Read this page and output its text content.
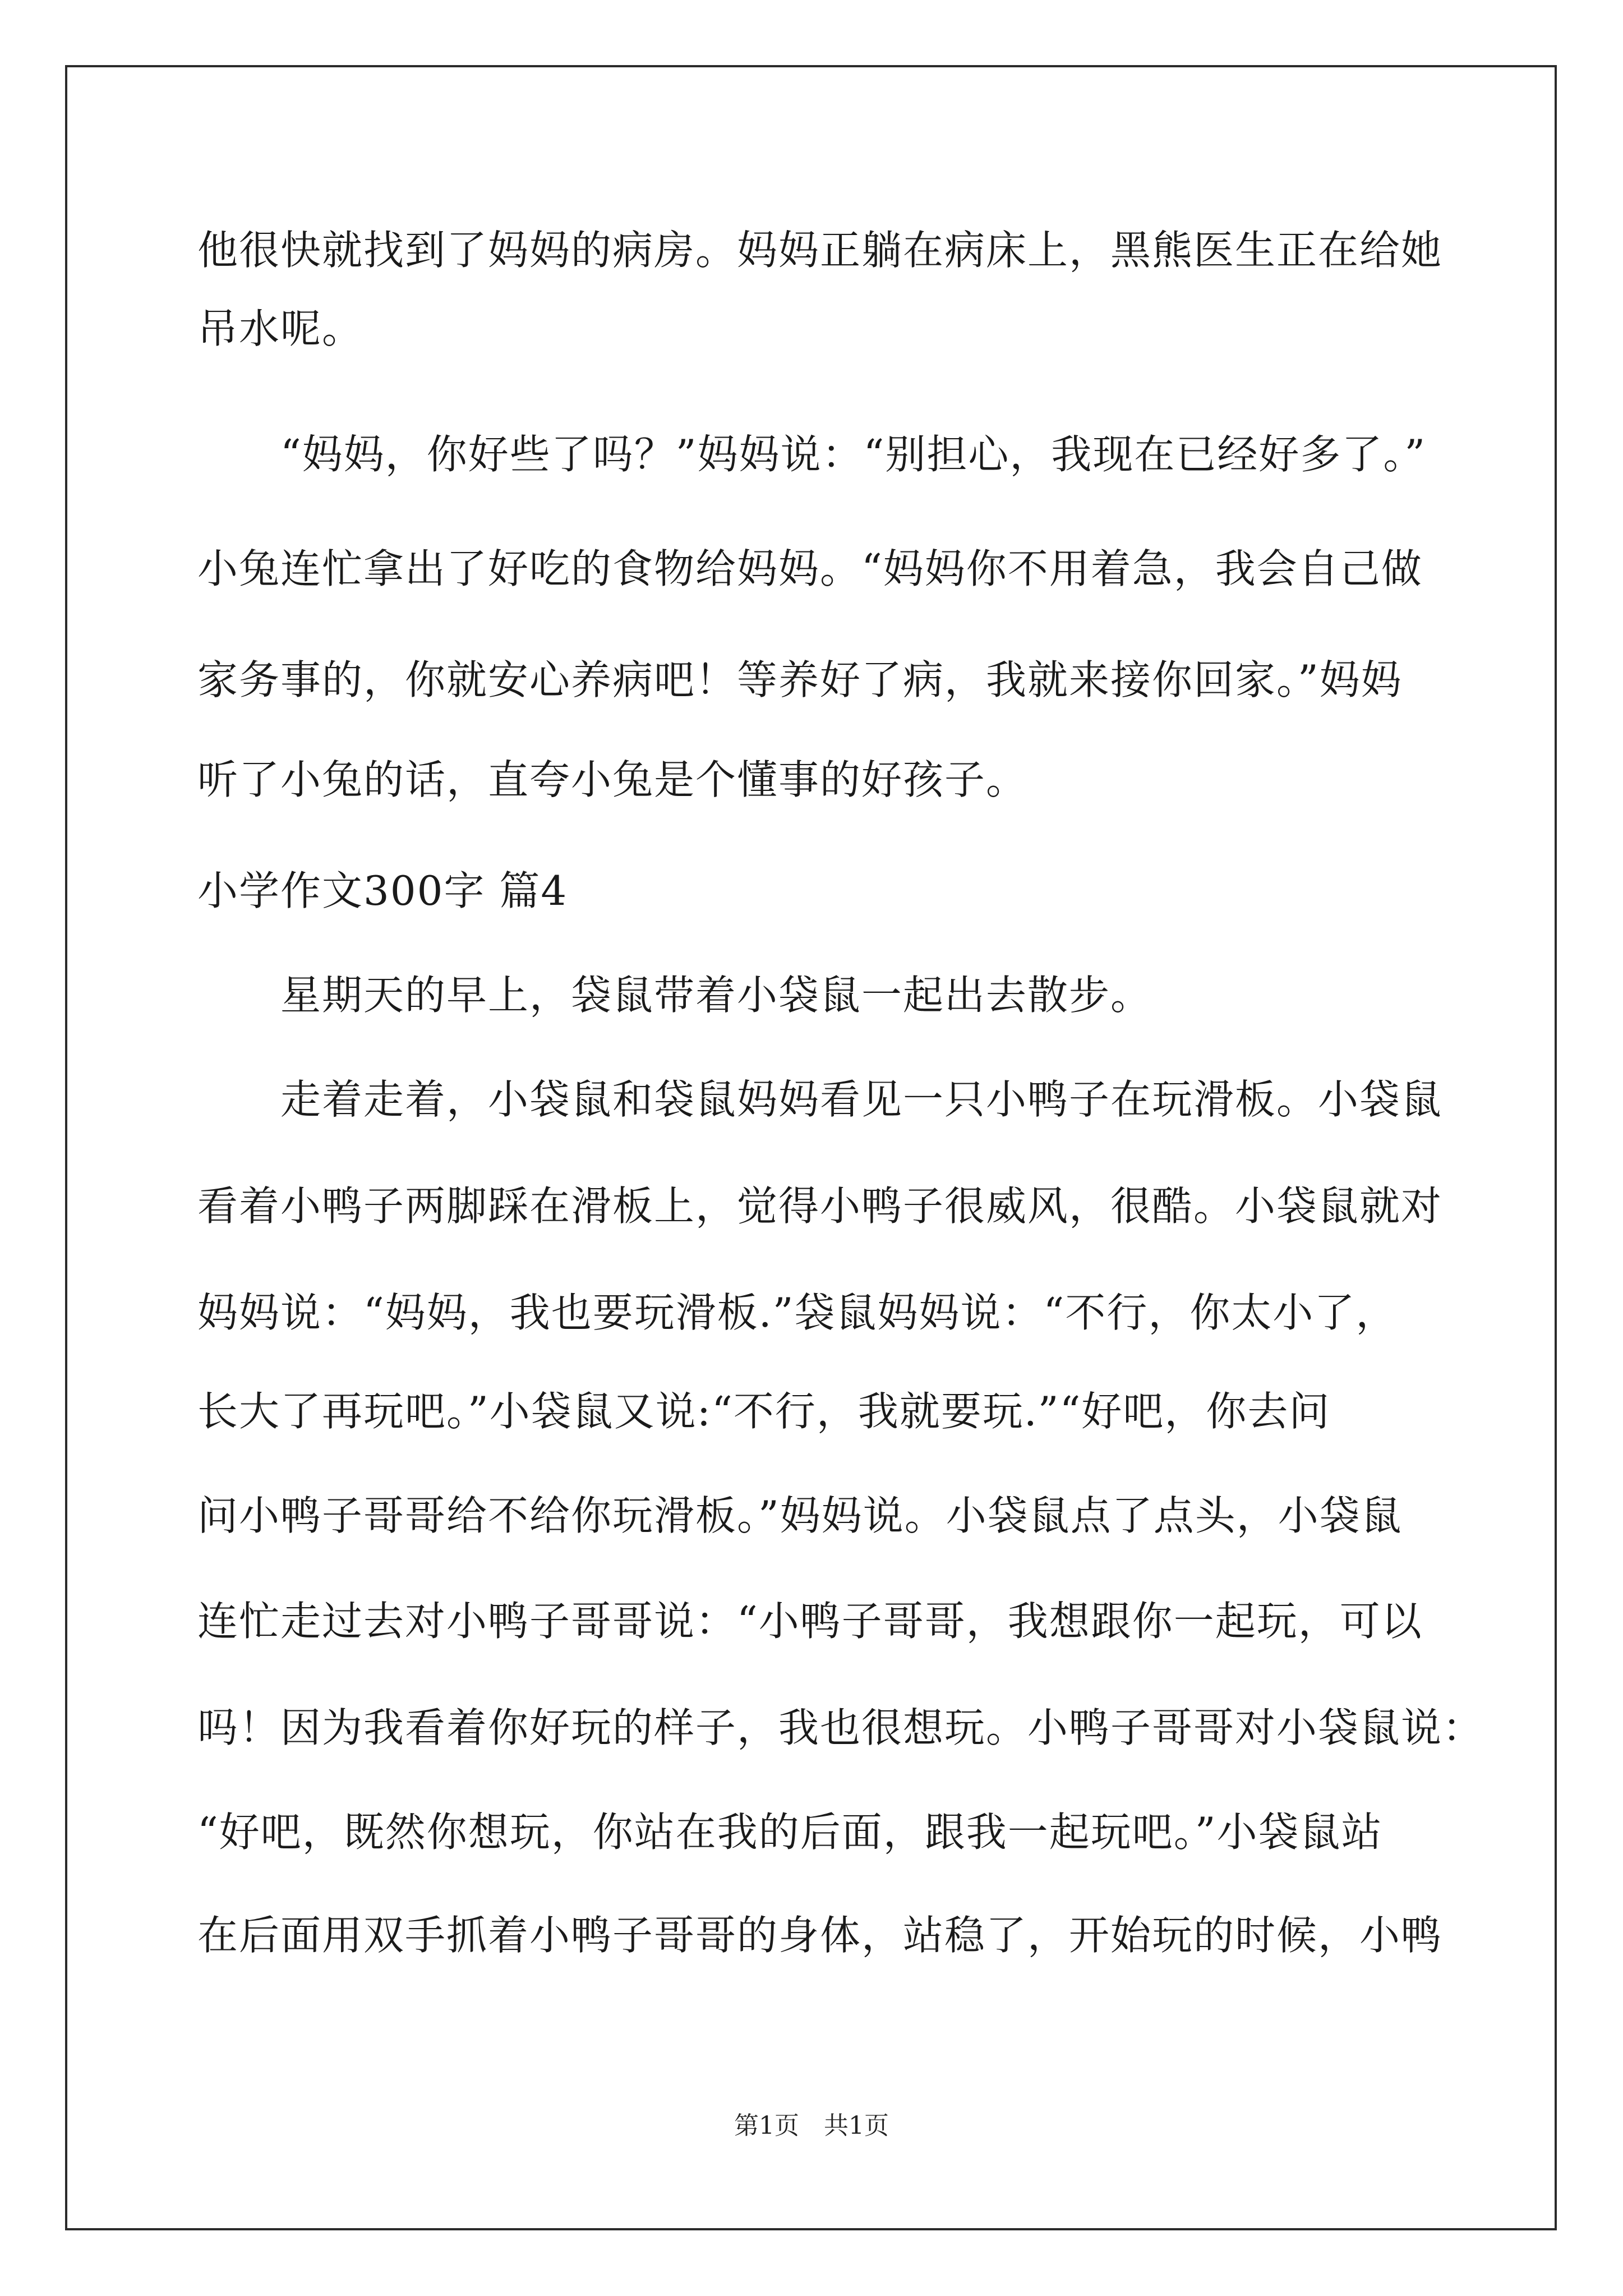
他很快就找到了妈妈的病房。妈妈正躺在病床上，黑熊医生正在给她
吊水呢。
“妈妈，你好些了吗？”妈妈说：“别担心，我现在已经好多了。”
小兔连忙拿出了好吃的食物给妈妈。“妈妈你不用着急，我会自己做
家务事的，你就安心养病吧！等养好了病，我就来接你回家。”妈妈
听了小兔的话，直夸小兔是个懂事的好孩子。
小学作文300字 篇4
星期天的早上，袋鼠带着小袋鼠一起出去散步。
走着走着，小袋鼠和袋鼠妈妈看见一只小鸭子在玩滑板。小袋鼠
看着小鸭子两脚踩在滑板上，觉得小鸭子很威风，很酷。小袋鼠就对
妈妈说：“妈妈，我也要玩滑板.”袋鼠妈妈说：“不行，你太小了，
长大了再玩吧。”小袋鼠又说:“不行，我就要玩.”“好吧，你去问
问小鸭子哥哥给不给你玩滑板。”妈妈说。小袋鼠点了点头，小袋鼠
连忙走过去对小鸭子哥哥说：“小鸭子哥哥，我想跟你一起玩，可以
吗！因为我看着你好玩的样子，我也很想玩。小鸭子哥哥对小袋鼠说：
“好吧，既然你想玩，你站在我的后面，跟我一起玩吧。”小袋鼠站
在后面用双手抓着小鸭子哥哥的身体，站稳了，开始玩的时候，小鸭
第1页　共1页
